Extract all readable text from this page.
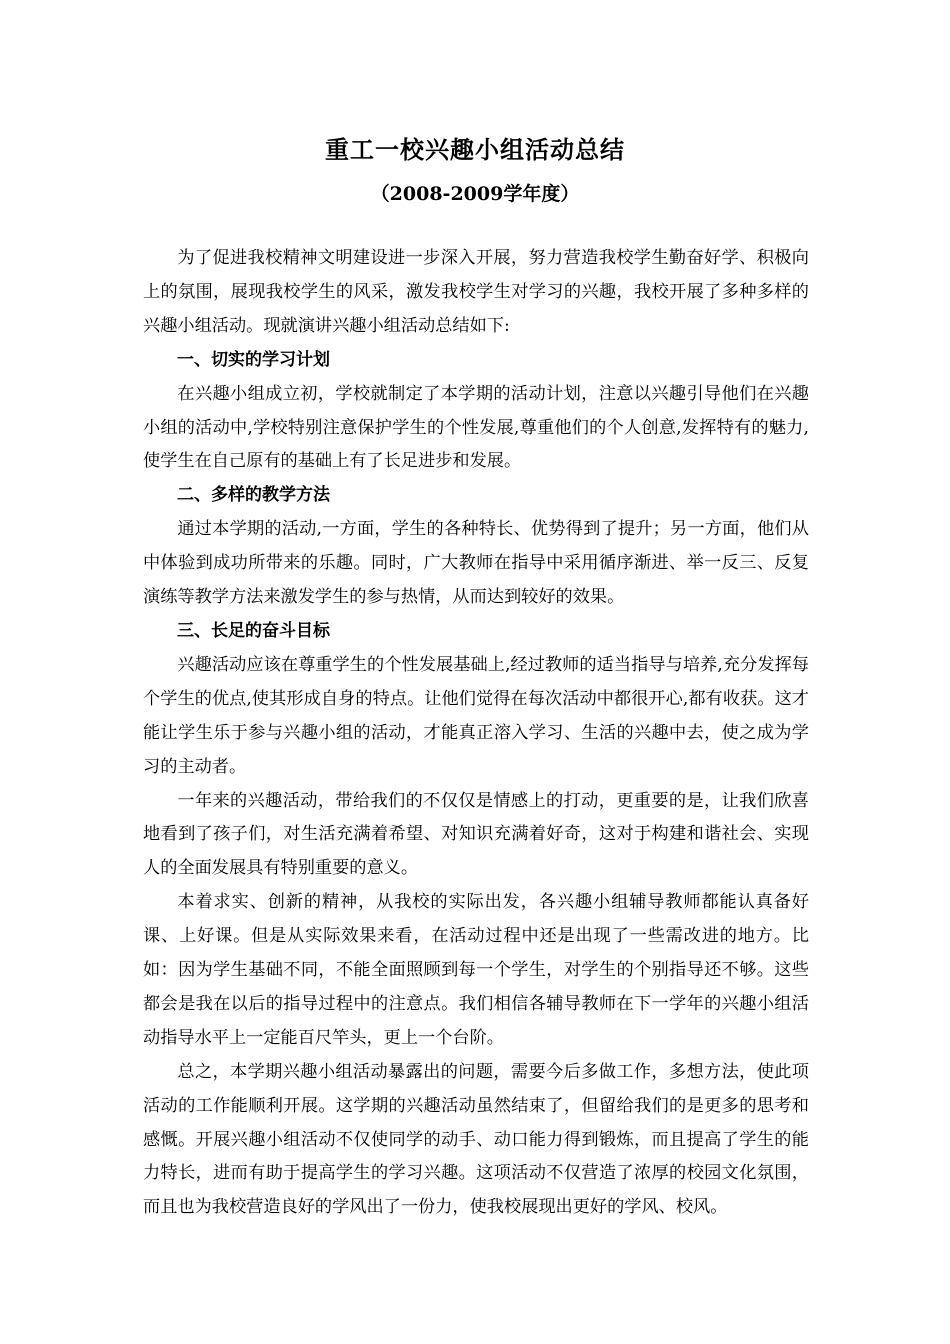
重工一校兴趣小组活动总结
（2008-2009学年度）

为了促进我校精神文明建设进一步深入开展，努力营造我校学生勤奋好学、积极向上的氛围，展现我校学生的风采，激发我校学生对学习的兴趣，我校开展了多种多样的兴趣小组活动。现就演讲兴趣小组活动总结如下:

一、切实的学习计划

在兴趣小组成立初，学校就制定了本学期的活动计划，注意以兴趣引导他们在兴趣小组的活动中,学校特别注意保护学生的个性发展,尊重他们的个人创意,发挥特有的魅力,使学生在自己原有的基础上有了长足进步和发展。

二、多样的教学方法

通过本学期的活动,一方面，学生的各种特长、优势得到了提升；另一方面，他们从中体验到成功所带来的乐趣。同时，广大教师在指导中采用循序渐进、举一反三、反复演练等教学方法来激发学生的参与热情，从而达到较好的效果。

三、长足的奋斗目标

兴趣活动应该在尊重学生的个性发展基础上,经过教师的适当指导与培养,充分发挥每个学生的优点,使其形成自身的特点。让他们觉得在每次活动中都很开心,都有收获。这才能让学生乐于参与兴趣小组的活动，才能真正溶入学习、生活的兴趣中去，使之成为学习的主动者。

一年来的兴趣活动，带给我们的不仅仅是情感上的打动，更重要的是，让我们欣喜地看到了孩子们，对生活充满着希望、对知识充满着好奇，这对于构建和谐社会、实现人的全面发展具有特别重要的意义。

本着求实、创新的精神，从我校的实际出发，各兴趣小组辅导教师都能认真备好课、上好课。但是从实际效果来看，在活动过程中还是出现了一些需改进的地方。比如：因为学生基础不同，不能全面照顾到每一个学生，对学生的个别指导还不够。这些都会是我在以后的指导过程中的注意点。我们相信各辅导教师在下一学年的兴趣小组活动指导水平上一定能百尺竿头，更上一个台阶。

总之，本学期兴趣小组活动暴露出的问题，需要今后多做工作，多想方法，使此项活动的工作能顺利开展。这学期的兴趣活动虽然结束了，但留给我们的是更多的思考和感慨。开展兴趣小组活动不仅使同学的动手、动口能力得到锻炼，而且提高了学生的能力特长，进而有助于提高学生的学习兴趣。这项活动不仅营造了浓厚的校园文化氛围，而且也为我校营造良好的学风出了一份力，使我校展现出更好的学风、校风。
